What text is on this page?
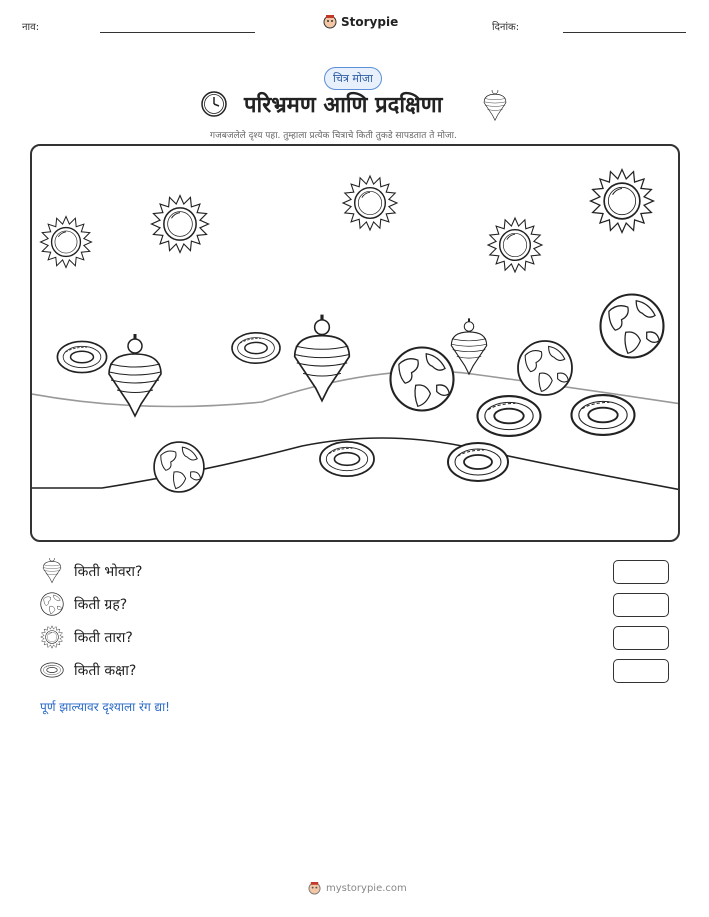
नाव:	Storypie	दिनांक:
चित्र मोजा
परिभ्रमण आणि प्रदक्षिणा
गजबजलेले दृश्य पहा. तुम्हाला प्रत्येक चित्राचे किती तुकडे सापडतात ते मोजा.
किती भोवरा?
किती ग्रह?
किती तारा?
किती कक्षा?
पूर्ण झाल्यावर दृश्याला रंग द्या!
mystorypie.com
